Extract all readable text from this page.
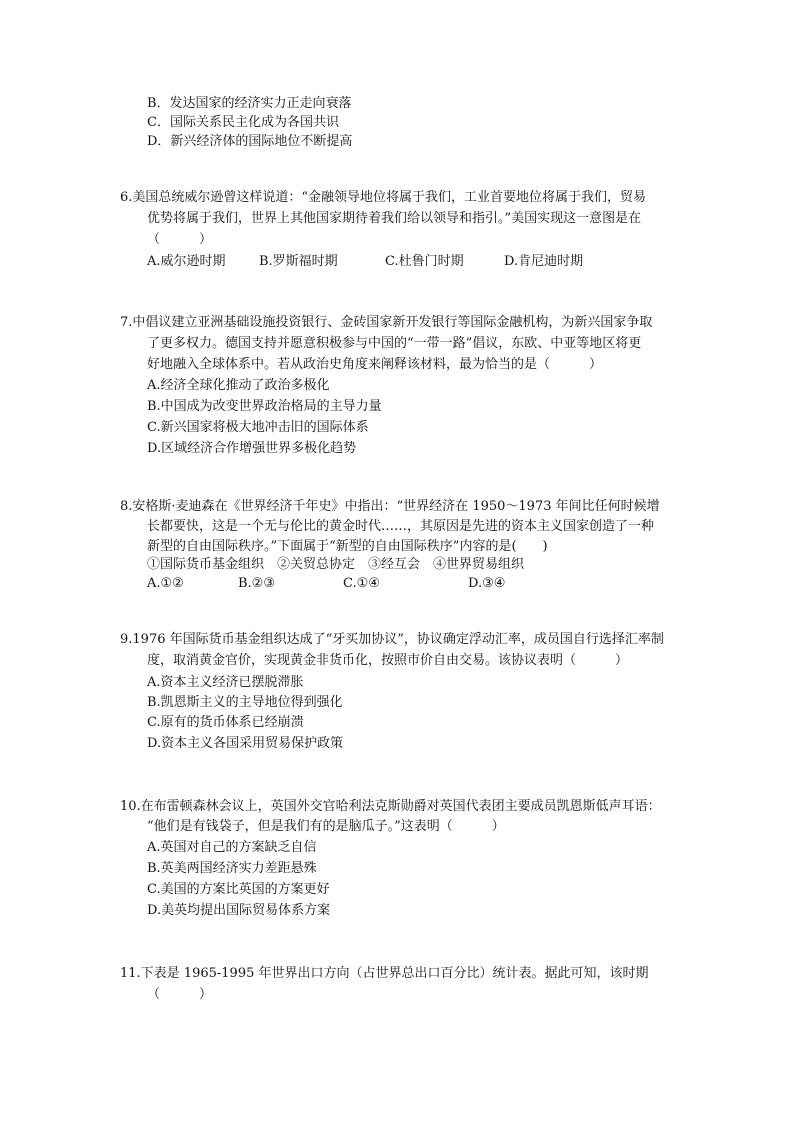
B．发达国家的经济实力正走向衰落
C．国际关系民主化成为各国共识
D．新兴经济体的国际地位不断提高
6.美国总统威尔逊曾这样说道：“金融领导地位将属于我们，工业首要地位将属于我们，贸易
优势将属于我们，世界上其他国家期待着我们给以领导和指引。”美国实现这一意图是在
（　　　）
A.威尔逊时期	B.罗斯福时期	C.杜鲁门时期	D.肯尼迪时期
7.中倡议建立亚洲基础设施投资银行、金砖国家新开发银行等国际金融机构，为新兴国家争取
了更多权力。德国支持并愿意积极参与中国的“一带一路”倡议，东欧、中亚等地区将更
好地融入全球体系中。若从政治史角度来阐释该材料，最为恰当的是（　　　）
A.经济全球化推动了政治多极化
B.中国成为改变世界政治格局的主导力量
C.新兴国家将极大地冲击旧的国际体系
D.区域经济合作增强世界多极化趋势
8.安格斯·麦迪森在《世界经济千年史》中指出：“世界经济在 1950～1973 年间比任何时候增
长都要快，这是一个无与伦比的黄金时代……，其原因是先进的资本主义国家创造了一种
新型的自由国际秩序。”下面属于“新型的自由国际秩序”内容的是(　　)
①国际货币基金组织　②关贸总协定　③经互会　④世界贸易组织
A.①②	B.②③	C.①④	D.③④
9.1976 年国际货币基金组织达成了“牙买加协议”，协议确定浮动汇率，成员国自行选择汇率制
度，取消黄金官价，实现黄金非货币化，按照市价自由交易。该协议表明（　　　）
A.资本主义经济已摆脱滞胀
B.凯恩斯主义的主导地位得到强化
C.原有的货币体系已经崩溃
D.资本主义各国采用贸易保护政策
10.在布雷顿森林会议上，英国外交官哈利法克斯勋爵对英国代表团主要成员凯恩斯低声耳语：
“他们是有钱袋子，但是我们有的是脑瓜子。”这表明（　　　）
A.英国对自己的方案缺乏自信
B.英美两国经济实力差距悬殊
C.美国的方案比英国的方案更好
D.美英均提出国际贸易体系方案
11.下表是 1965-1995 年世界出口方向（占世界总出口百分比）统计表。据此可知，该时期
（　　　）
